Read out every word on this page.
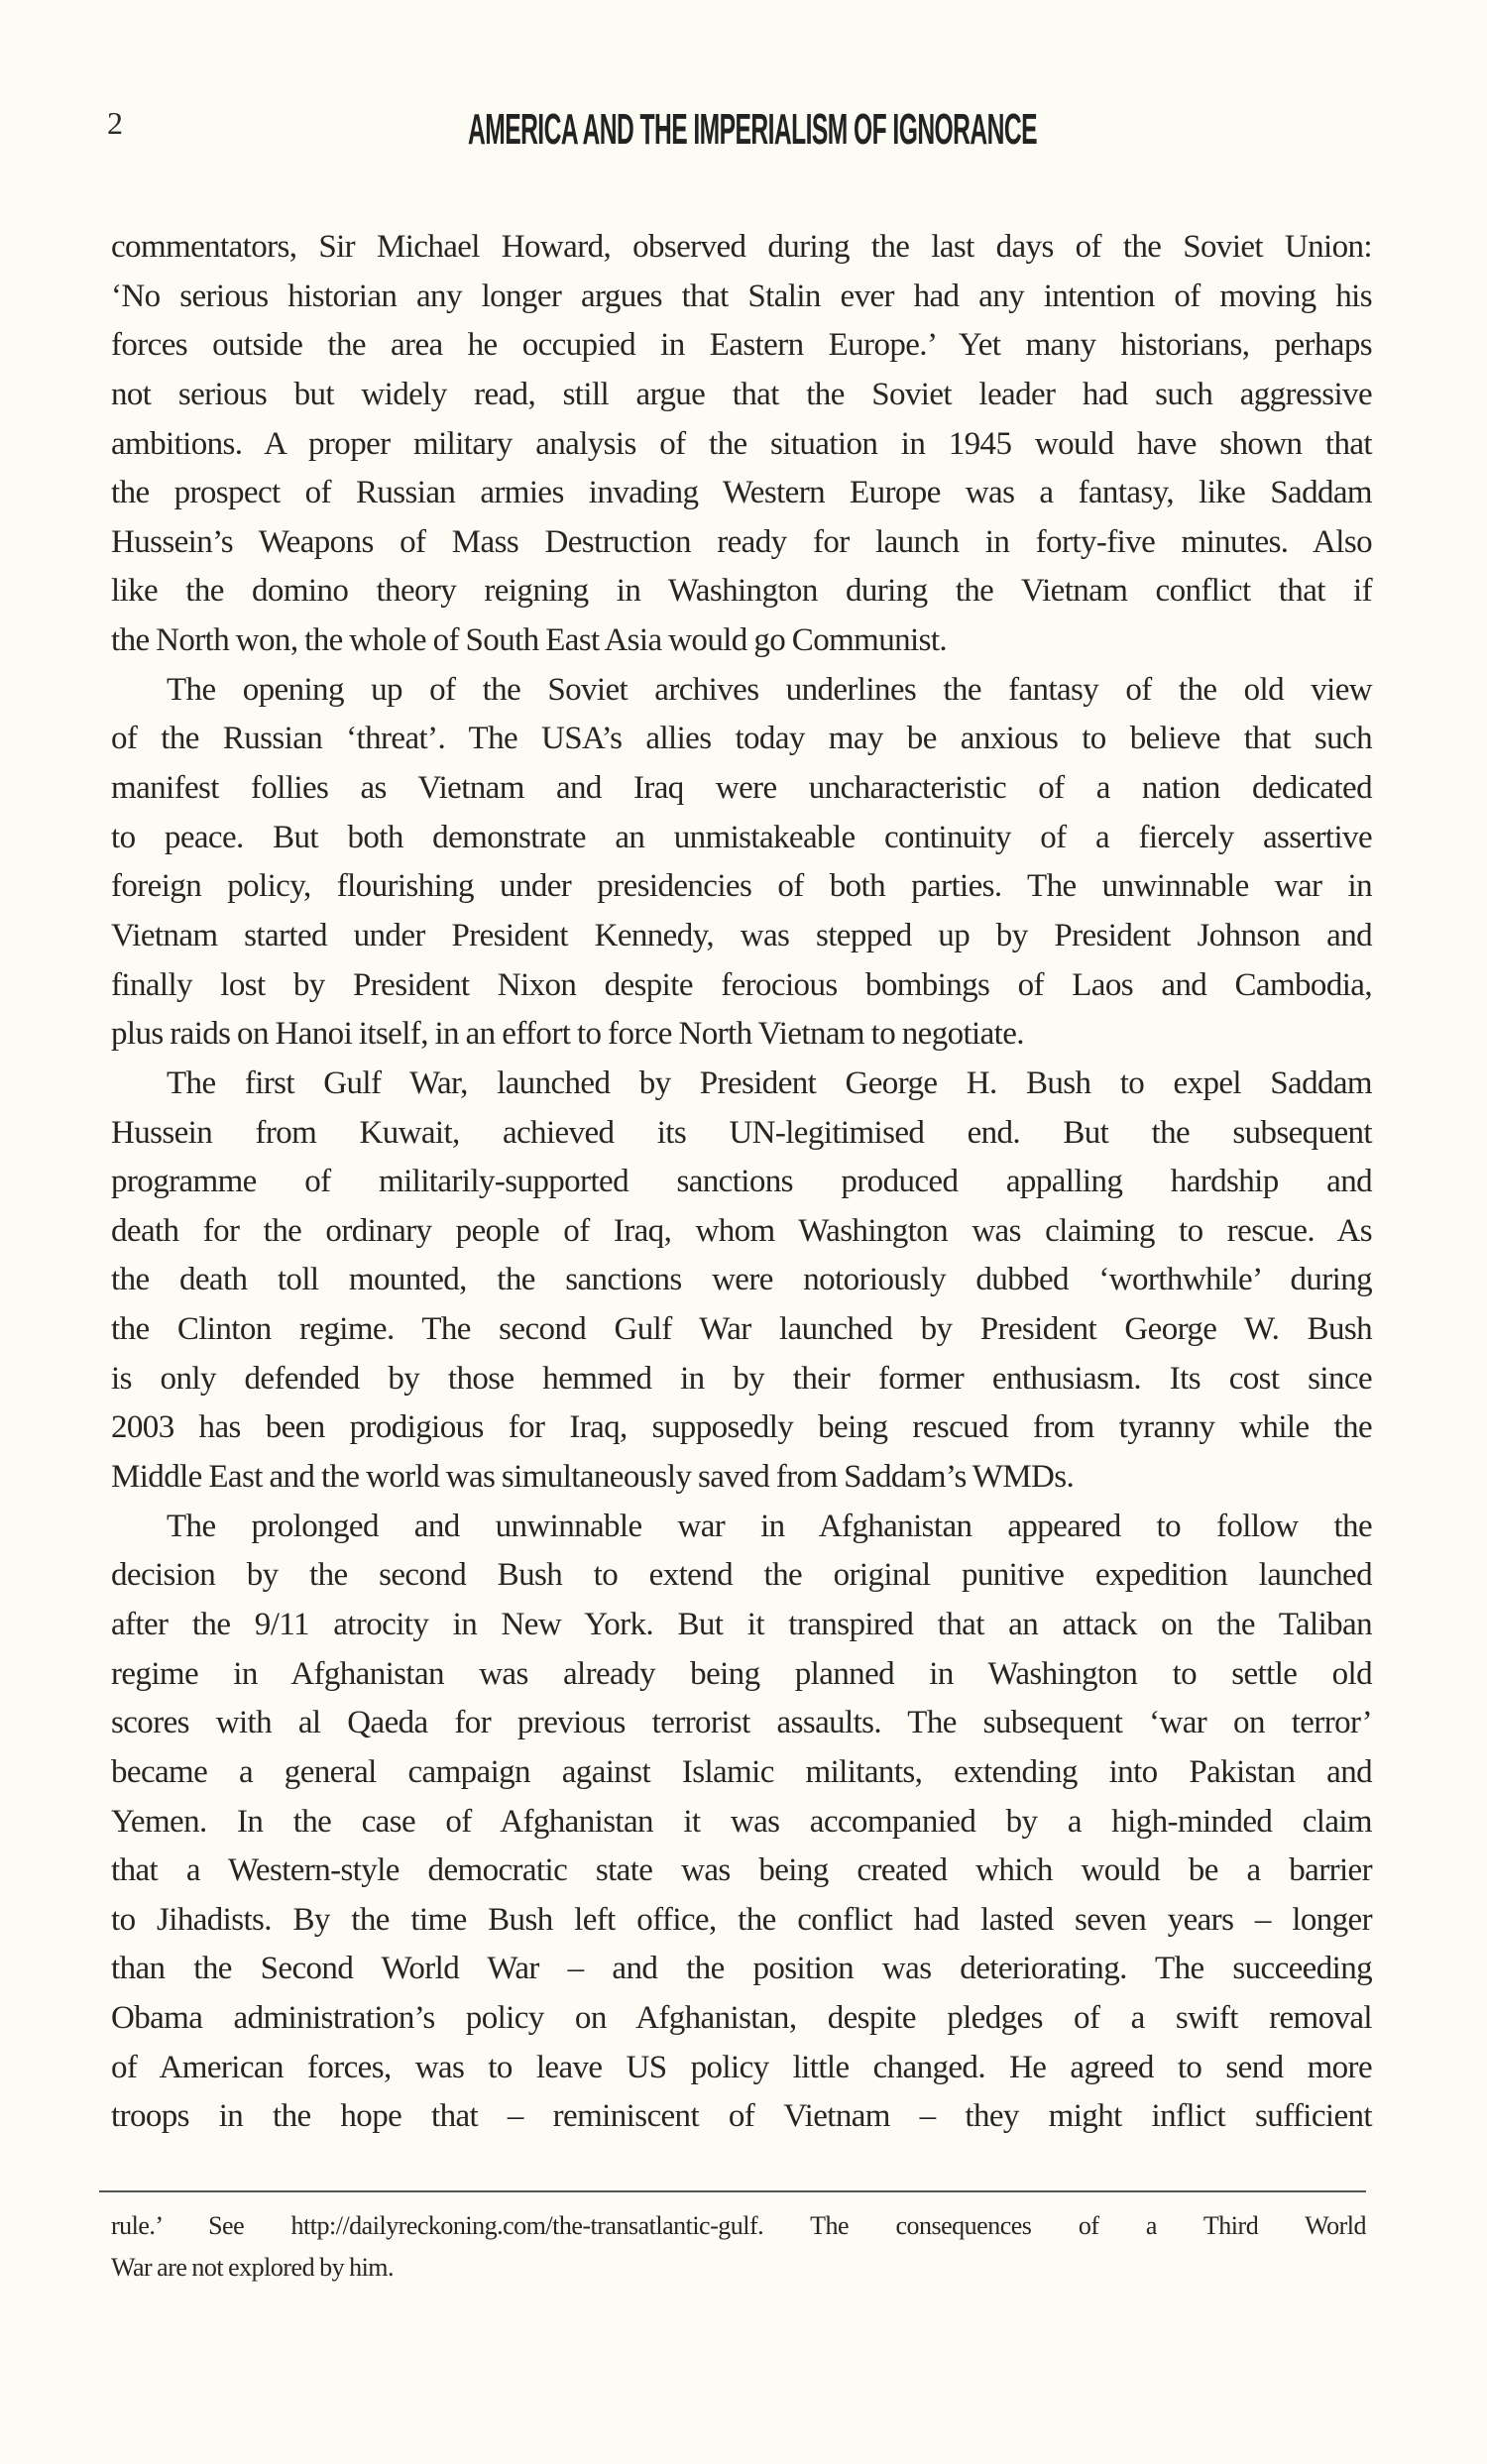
2	AMERICA AND THE IMPERIALISM OF IGNORANCE
commentators, Sir Michael Howard, observed during the last days of the Soviet Union:
‘No serious historian any longer argues that Stalin ever had any intention of moving his
forces outside the area he occupied in Eastern Europe.’ Yet many historians, perhaps
not serious but widely read, still argue that the Soviet leader had such aggressive
ambitions. A proper military analysis of the situation in 1945 would have shown that
the prospect of Russian armies invading Western Europe was a fantasy, like Saddam
Hussein’s Weapons of Mass Destruction ready for launch in forty-five minutes. Also
like the domino theory reigning in Washington during the Vietnam conflict that if
the North won, the whole of South East Asia would go Communist.
The opening up of the Soviet archives underlines the fantasy of the old view
of the Russian ‘threat’. The USA’s allies today may be anxious to believe that such
manifest follies as Vietnam and Iraq were uncharacteristic of a nation dedicated
to peace. But both demonstrate an unmistakeable continuity of a fiercely assertive
foreign policy, flourishing under presidencies of both parties. The unwinnable war in
Vietnam started under President Kennedy, was stepped up by President Johnson and
finally lost by President Nixon despite ferocious bombings of Laos and Cambodia,
plus raids on Hanoi itself, in an effort to force North Vietnam to negotiate.
The first Gulf War, launched by President George H. Bush to expel Saddam
Hussein from Kuwait, achieved its UN-legitimised end. But the subsequent
programme of militarily-supported sanctions produced appalling hardship and
death for the ordinary people of Iraq, whom Washington was claiming to rescue. As
the death toll mounted, the sanctions were notoriously dubbed ‘worthwhile’ during
the Clinton regime. The second Gulf War launched by President George W. Bush
is only defended by those hemmed in by their former enthusiasm. Its cost since
2003 has been prodigious for Iraq, supposedly being rescued from tyranny while the
Middle East and the world was simultaneously saved from Saddam’s WMDs.
The prolonged and unwinnable war in Afghanistan appeared to follow the
decision by the second Bush to extend the original punitive expedition launched
after the 9/11 atrocity in New York. But it transpired that an attack on the Taliban
regime in Afghanistan was already being planned in Washington to settle old
scores with al Qaeda for previous terrorist assaults. The subsequent ‘war on terror’
became a general campaign against Islamic militants, extending into Pakistan and
Yemen. In the case of Afghanistan it was accompanied by a high-minded claim
that a Western-style democratic state was being created which would be a barrier
to Jihadists. By the time Bush left office, the conflict had lasted seven years – longer
than the Second World War – and the position was deteriorating. The succeeding
Obama administration’s policy on Afghanistan, despite pledges of a swift removal
of American forces, was to leave US policy little changed. He agreed to send more
troops in the hope that – reminiscent of Vietnam – they might inflict sufficient
rule.’ See http://dailyreckoning.com/the-transatlantic-gulf. The consequences of a Third World
War are not explored by him.
